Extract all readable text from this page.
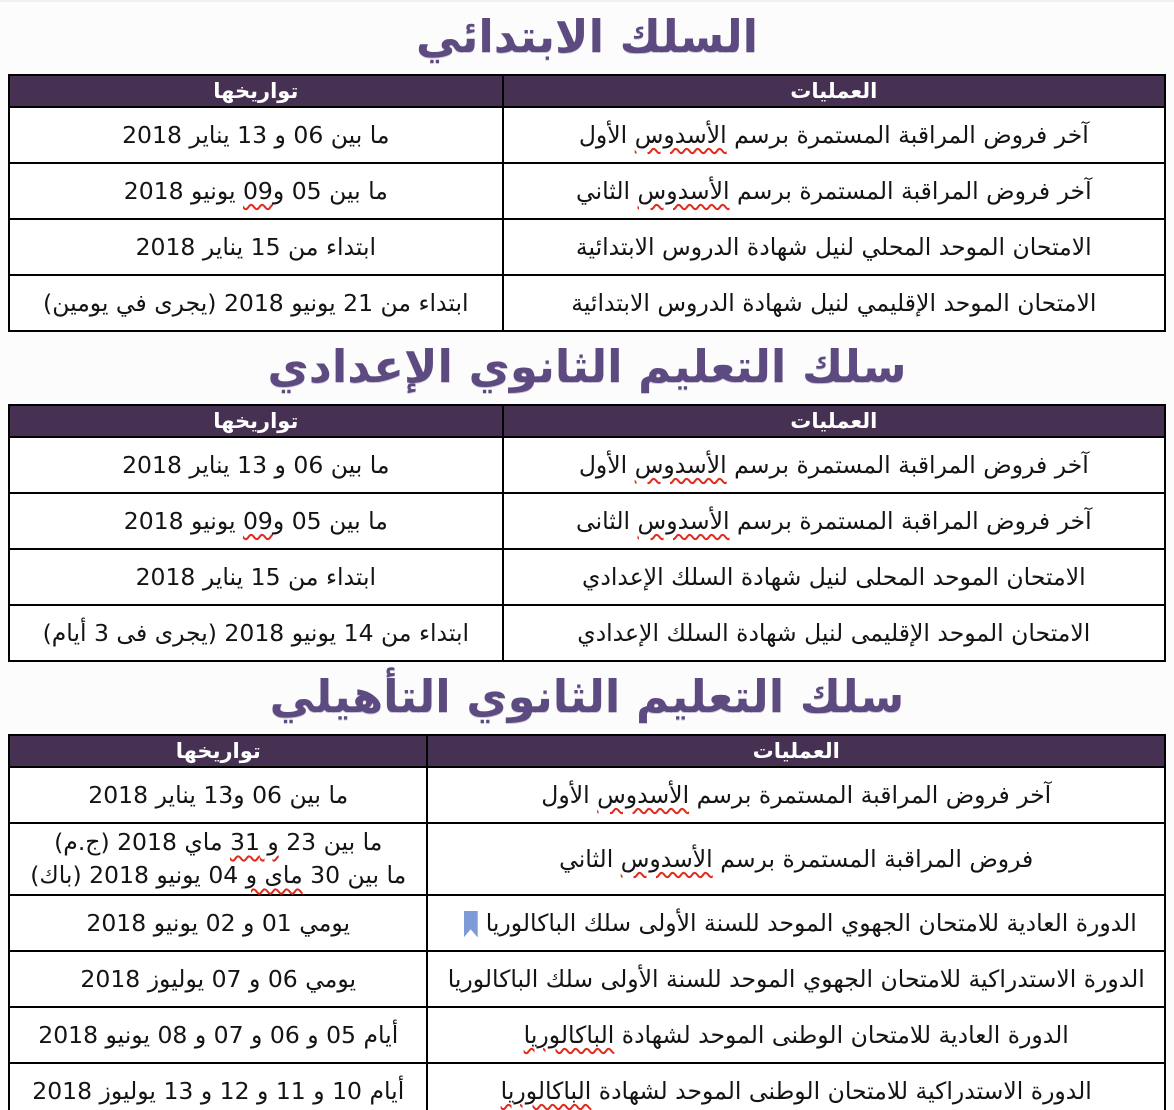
السلك الابتدائي
العمليات	تواريخها
آخر فروض المراقبة المستمرة برسم الأسدوس الأول	ما بين 06 و 13 يناير 2018

آخر فروض المراقبة المستمرة برسم الأسدوس الثاني	ما بين 05 و09 يونيو 2018

الامتحان الموحد المحلي لنيل شهادة الدروس الابتدائية	ابتداء من 15 يناير 2018

الامتحان الموحد الإقليمي لنيل شهادة الدروس الابتدائية	ابتداء من 21 يونيو 2018 (يجرى في يومين)
سلك التعليم الثانوي الإعدادي
العمليات	تواريخها
آخر فروض المراقبة المستمرة برسم الأسدوس الأول	ما بين 06 و 13 يناير 2018

آخر فروض المراقبة المستمرة برسم الأسدوس الثانى	ما بين 05 و09 يونيو 2018

الامتحان الموحد المحلى لنيل شهادة السلك الإعدادي	ابتداء من 15 يناير 2018

الامتحان الموحد الإقليمى لنيل شهادة السلك الإعدادي	ابتداء من 14 يونيو 2018 (يجرى فى 3 أيام)
سلك التعليم الثانوي التأهيلي
العمليات	تواريخها
آخر فروض المراقبة المستمرة برسم الأسدوس الأول	ما بين 06 و13 يناير 2018

فروض المراقبة المستمرة برسم الأسدوس الثاني	ما بين 23 و 31 ماي 2018 (ج.م)
ما بين 30 ماى و 04 يونيو 2018 (باك)

الدورة العادية للامتحان الجهوي الموحد للسنة الأولى سلك الباكالوريا	يومي 01 و 02 يونيو 2018

الدورة الاستدراكية للامتحان الجهوي الموحد للسنة الأولى سلك الباكالوريا	يومي 06 و 07 يوليوز 2018

الدورة العادية للامتحان الوطنى الموحد لشهادة الباكالوريا	أيام 05 و 06 و 07 و 08 يونيو 2018

الدورة الاستدراكية للامتحان الوطنى الموحد لشهادة الباكالوريا	أيام 10 و 11 و 12 و 13 يوليوز 2018
